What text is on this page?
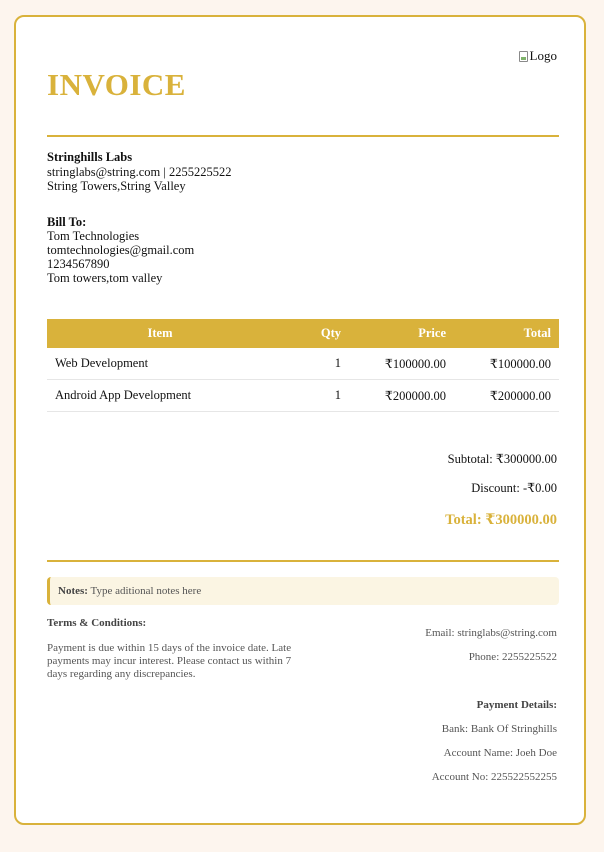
Logo
INVOICE
Stringhills Labs
stringlabs@string.com | 2255225522
String Towers,String Valley
Bill To:
Tom Technologies
tomtechnologies@gmail.com
1234567890
Tom towers,tom valley
Item	Qty	Price	Total
Web Development	1	₹100000.00	₹100000.00
Android App Development	1	₹200000.00	₹200000.00
Subtotal: ₹300000.00
Discount: -₹0.00
Total: ₹300000.00
Notes: Type aditional notes here
Terms & Conditions:
Payment is due within 15 days of the invoice date. Late payments may incur interest. Please contact us within 7 days regarding any discrepancies.
Email: stringlabs@string.com
Phone: 2255225522
Payment Details:
Bank: Bank Of Stringhills
Account Name: Joeh Doe
Account No: 225522552255
